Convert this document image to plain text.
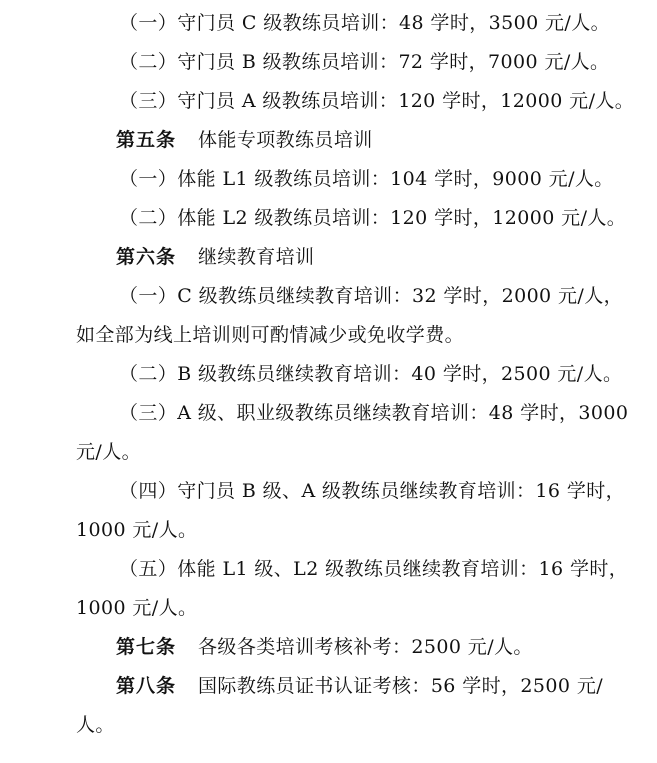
（一）守门员 C 级教练员培训：48 学时，3500 元/人。
（二）守门员 B 级教练员培训：72 学时，7000 元/人。
（三）守门员 A 级教练员培训：120 学时，12000 元/人。
第五条 体能专项教练员培训
（一）体能 L1 级教练员培训：104 学时，9000 元/人。
（二）体能 L2 级教练员培训：120 学时，12000 元/人。
第六条 继续教育培训
（一）C 级教练员继续教育培训：32 学时，2000 元/人，
如全部为线上培训则可酌情减少或免收学费。
（二）B 级教练员继续教育培训：40 学时，2500 元/人。
（三）A 级、职业级教练员继续教育培训：48 学时，3000
元/人。
（四）守门员 B 级、A 级教练员继续教育培训：16 学时，
1000 元/人。
（五）体能 L1 级、L2 级教练员继续教育培训：16 学时，
1000 元/人。
第七条 各级各类培训考核补考：2500 元/人。
第八条 国际教练员证书认证考核：56 学时，2500 元/
人。
